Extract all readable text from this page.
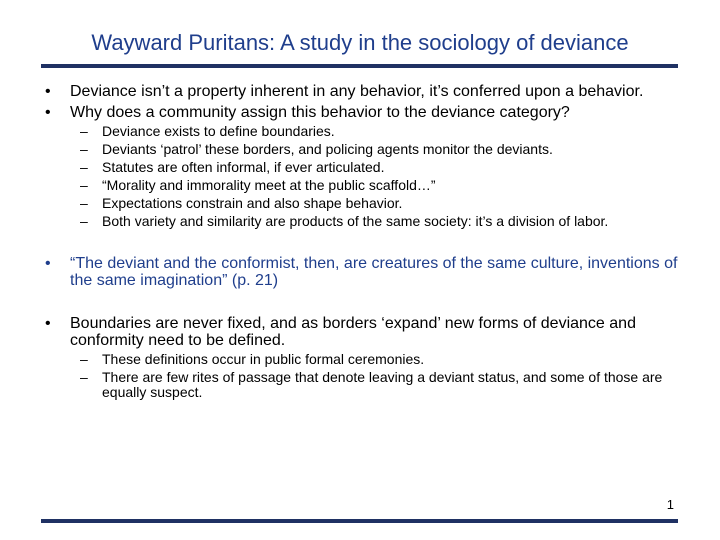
Wayward Puritans: A study in the sociology of deviance
• Deviance isn’t a property inherent in any behavior, it’s conferred upon a behavior.
• Why does a community assign this behavior to the deviance category?
– Deviance exists to define boundaries.
– Deviants ‘patrol’ these borders, and policing agents monitor the deviants.
– Statutes are often informal, if ever articulated.
– “Morality and immorality meet at the public scaffold…”
– Expectations constrain and also shape behavior.
– Both variety and similarity are products of the same society: it’s a division of labor.
• “The deviant and the conformist, then, are creatures of the same culture, inventions of the same imagination” (p. 21)
• Boundaries are never fixed, and as borders ‘expand’ new forms of deviance and conformity need to be defined.
– These definitions occur in public formal ceremonies.
– There are few rites of passage that denote leaving a deviant status, and some of those are equally suspect.
1
